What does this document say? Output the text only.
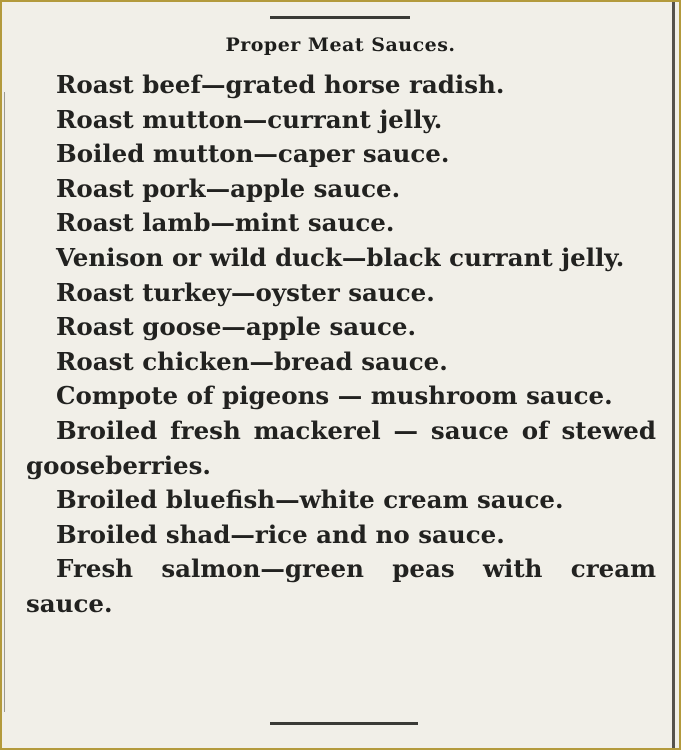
Proper Meat Sauces.

Roast beef—grated horse radish.

Roast mutton—currant jelly.

Boiled mutton—caper sauce.

Roast pork—apple sauce.

Roast lamb—mint sauce.

Venison or wild duck—black currant jelly.

Roast turkey—oyster sauce.

Roast goose—apple sauce.

Roast chicken—bread sauce.

Compote of pigeons — mushroom sauce.

Broiled fresh mackerel — sauce of stewed gooseberries.

Broiled bluefish—white cream sauce.

Broiled shad—rice and no sauce.

Fresh salmon—green peas with cream sauce.
